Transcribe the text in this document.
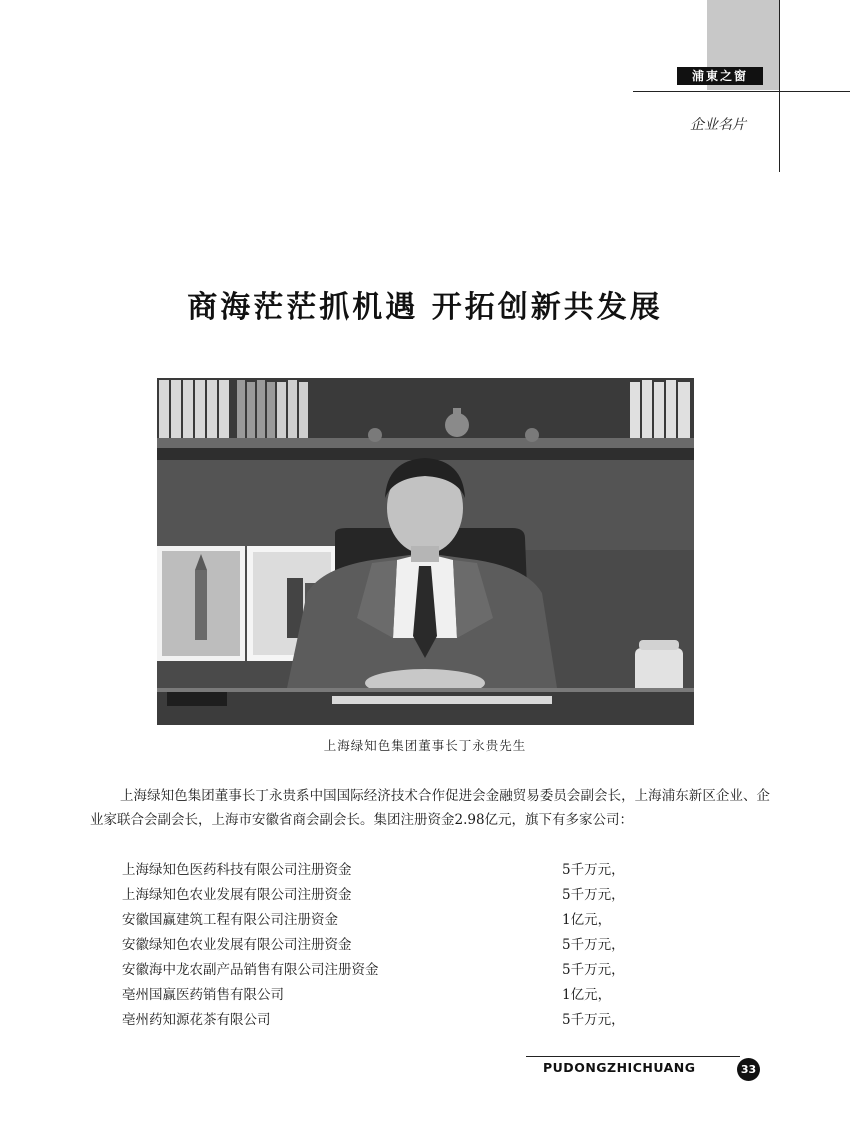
浦東之窗
企业名片
商海茫茫抓机遇 开拓创新共发展
上海绿知色集团董事长丁永贵先生
上海绿知色集团董事长丁永贵系中国国际经济技术合作促进会金融贸易委员会副会长，上海浦东新区企业、企业家联合会副会长，上海市安徽省商会副会长。集团注册资金2.98亿元，旗下有多家公司：
上海绿知色医药科技有限公司注册资金	5千万元，
上海绿知色农业发展有限公司注册资金	5千万元，
安徽国赢建筑工程有限公司注册资金	1亿元，
安徽绿知色农业发展有限公司注册资金	5千万元，
安徽海中龙农副产品销售有限公司注册资金	5千万元，
亳州国赢医药销售有限公司	1亿元，
亳州药知源花茶有限公司	5千万元，
PUDONGZHICHUANG	33
